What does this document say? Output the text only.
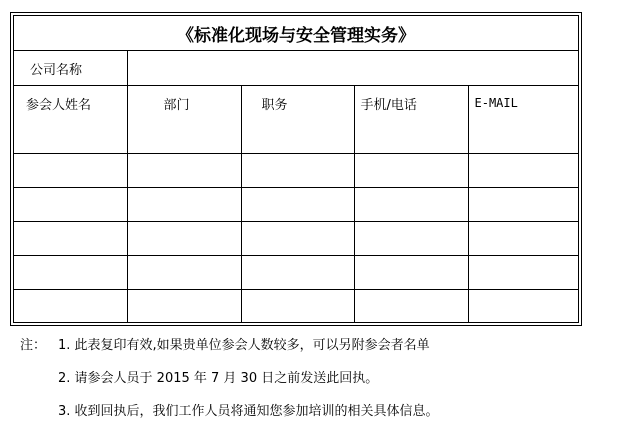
《标准化现场与安全管理实务》				
公司名称				
参会人姓名	部门	职务	手机/电话	E-MAIL

注： 1. 此表复印有效,如果贵单位参会人数较多，可以另附参会者名单
2. 请参会人员于 2015 年 7 月 30 日之前发送此回执。
3. 收到回执后，我们工作人员将通知您参加培训的相关具体信息。
